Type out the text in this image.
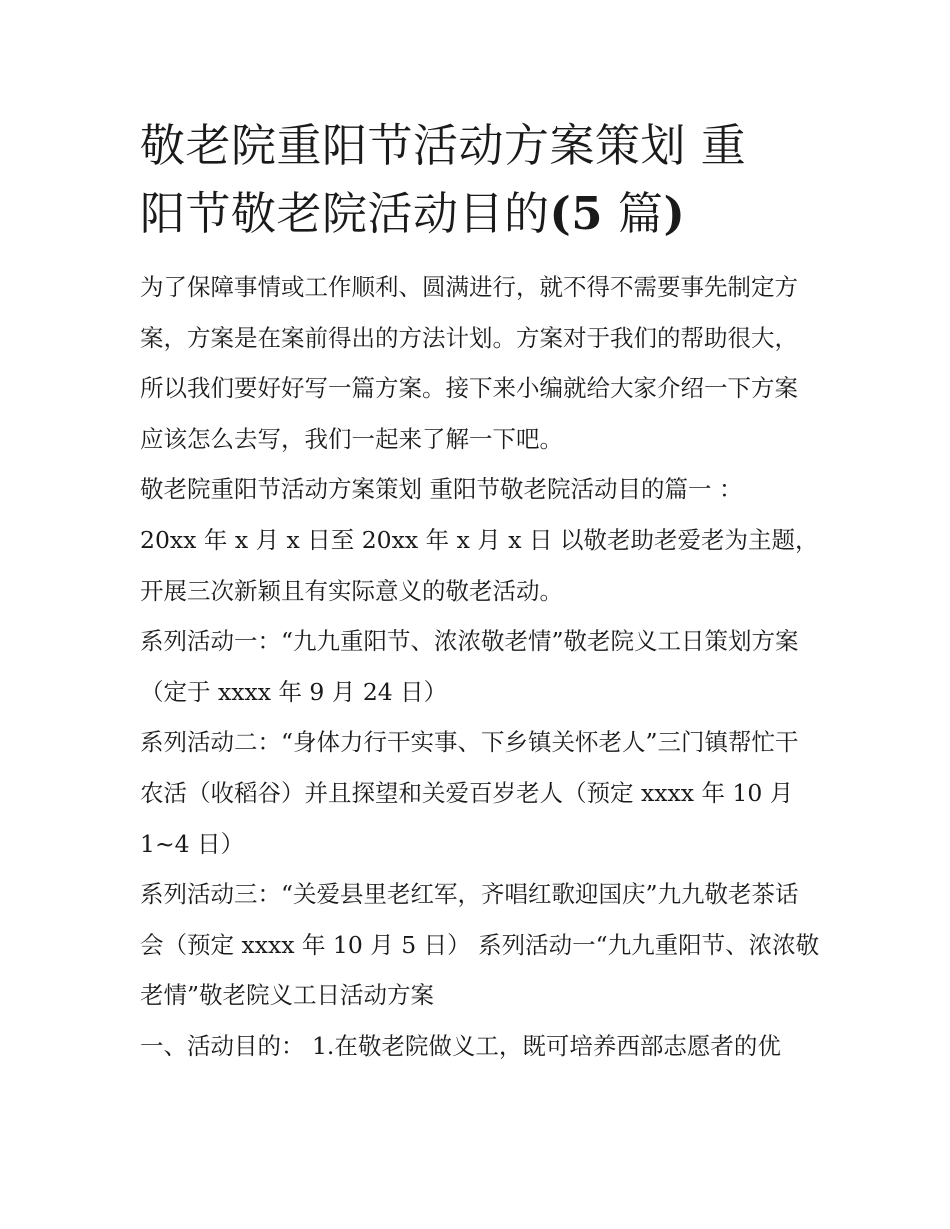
敬老院重阳节活动方案策划 重
阳节敬老院活动目的(5 篇)

为了保障事情或工作顺利、圆满进行，就不得不需要事先制定方案，方案是在案前得出的方法计划。方案对于我们的帮助很大，所以我们要好好写一篇方案。接下来小编就给大家介绍一下方案应该怎么去写，我们一起来了解一下吧。

敬老院重阳节活动方案策划 重阳节敬老院活动目的篇一 ：

20xx 年 x 月 x 日至 20xx 年 x 月 x 日 以敬老助老爱老为主题，开展三次新颖且有实际意义的敬老活动。

系列活动一：“九九重阳节、浓浓敬老情”敬老院义工日策划方案（定于 xxxx 年 9 月 24 日）

系列活动二：“身体力行干实事、下乡镇关怀老人”三门镇帮忙干农活（收稻谷）并且探望和关爱百岁老人（预定 xxxx 年 10 月 1~4 日）

系列活动三：“关爱县里老红军，齐唱红歌迎国庆”九九敬老茶话会（预定 xxxx 年 10 月 5 日） 系列活动一“九九重阳节、浓浓敬老情”敬老院义工日活动方案

一、活动目的： 1.在敬老院做义工，既可培养西部志愿者的优
